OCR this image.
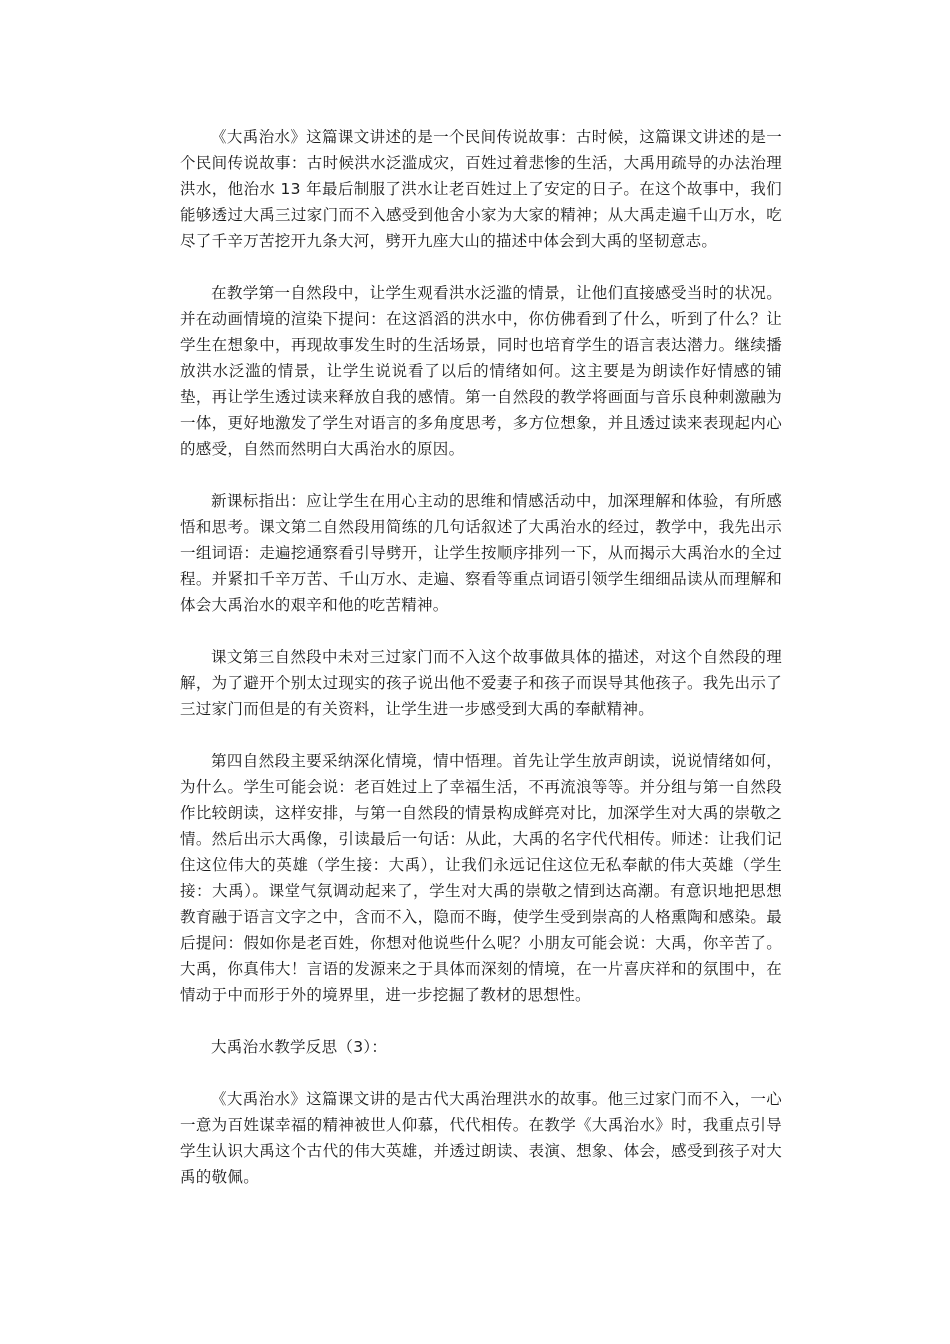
《大禹治水》这篇课文讲述的是一个民间传说故事：古时候，这篇课文讲述的是一个民间传说故事：古时候洪水泛滥成灾，百姓过着悲惨的生活，大禹用疏导的办法治理洪水，他治水 13 年最后制服了洪水让老百姓过上了安定的日子。在这个故事中，我们能够透过大禹三过家门而不入感受到他舍小家为大家的精神；从大禹走遍千山万水，吃尽了千辛万苦挖开九条大河，劈开九座大山的描述中体会到大禹的坚韧意志。

在教学第一自然段中，让学生观看洪水泛滥的情景，让他们直接感受当时的状况。并在动画情境的渲染下提问：在这滔滔的洪水中，你仿佛看到了什么，听到了什么？让学生在想象中，再现故事发生时的生活场景，同时也培育学生的语言表达潜力。继续播放洪水泛滥的情景，让学生说说看了以后的情绪如何。这主要是为朗读作好情感的铺垫，再让学生透过读来释放自我的感情。第一自然段的教学将画面与音乐良种刺激融为一体，更好地激发了学生对语言的多角度思考，多方位想象，并且透过读来表现起内心的感受，自然而然明白大禹治水的原因。

新课标指出：应让学生在用心主动的思维和情感活动中，加深理解和体验，有所感悟和思考。课文第二自然段用简练的几句话叙述了大禹治水的经过，教学中，我先出示一组词语：走遍挖通察看引导劈开，让学生按顺序排列一下，从而揭示大禹治水的全过程。并紧扣千辛万苦、千山万水、走遍、察看等重点词语引领学生细细品读从而理解和体会大禹治水的艰辛和他的吃苦精神。

课文第三自然段中未对三过家门而不入这个故事做具体的描述，对这个自然段的理解，为了避开个别太过现实的孩子说出他不爱妻子和孩子而误导其他孩子。我先出示了三过家门而但是的有关资料，让学生进一步感受到大禹的奉献精神。

第四自然段主要采纳深化情境，情中悟理。首先让学生放声朗读，说说情绪如何，为什么。学生可能会说：老百姓过上了幸福生活，不再流浪等等。并分组与第一自然段作比较朗读，这样安排，与第一自然段的情景构成鲜亮对比，加深学生对大禹的崇敬之情。然后出示大禹像，引读最后一句话：从此，大禹的名字代代相传。师述：让我们记住这位伟大的英雄（学生接：大禹），让我们永远记住这位无私奉献的伟大英雄（学生接：大禹）。课堂气氛调动起来了，学生对大禹的崇敬之情到达高潮。有意识地把思想教育融于语言文字之中，含而不入，隐而不晦，使学生受到崇高的人格熏陶和感染。最后提问：假如你是老百姓，你想对他说些什么呢？小朋友可能会说：大禹，你辛苦了。大禹，你真伟大！言语的发源来之于具体而深刻的情境，在一片喜庆祥和的氛围中，在情动于中而形于外的境界里，进一步挖掘了教材的思想性。

大禹治水教学反思（3）：

《大禹治水》这篇课文讲的是古代大禹治理洪水的故事。他三过家门而不入，一心一意为百姓谋幸福的精神被世人仰慕，代代相传。在教学《大禹治水》时，我重点引导学生认识大禹这个古代的伟大英雄，并透过朗读、表演、想象、体会，感受到孩子对大禹的敬佩。
